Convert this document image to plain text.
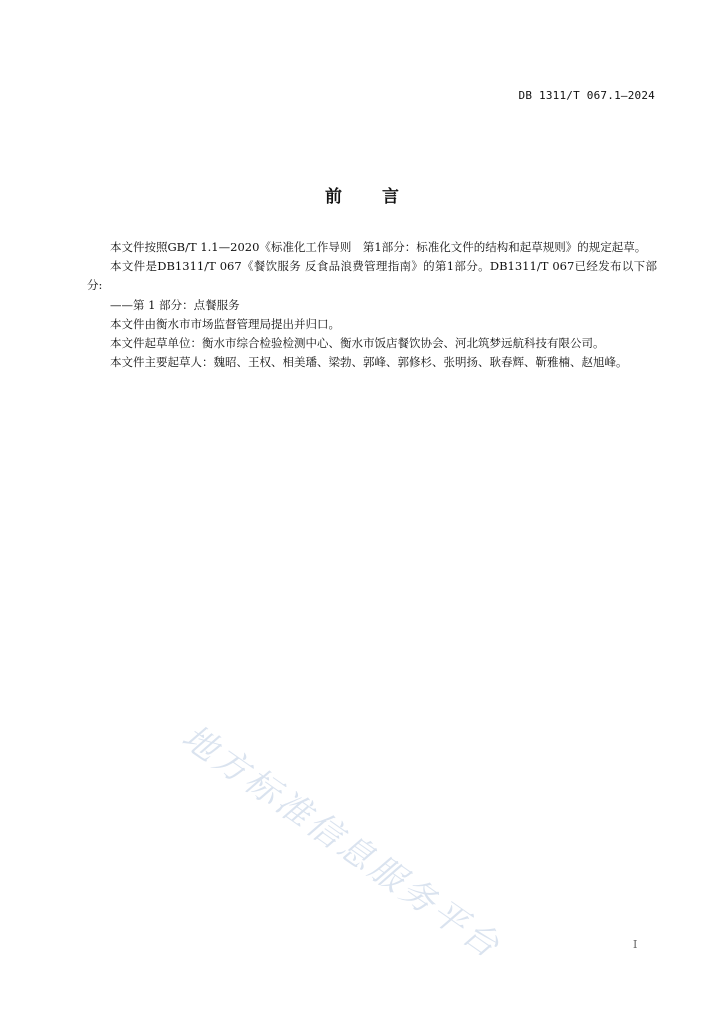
DB 1311/T 067.1—2024
前 言

本文件按照GB/T 1.1—2020《标准化工作导则　第1部分：标准化文件的结构和起草规则》的规定起草。

本文件是DB1311/T 067《餐饮服务 反食品浪费管理指南》的第1部分。DB1311/T 067已经发布以下部分:

——第 1 部分：点餐服务

本文件由衡水市市场监督管理局提出并归口。

本文件起草单位：衡水市综合检验检测中心、衡水市饭店餐饮协会、河北筑梦远航科技有限公司。

本文件主要起草人：魏昭、王权、相美璠、梁勃、郭峰、郭修杉、张明扬、耿春辉、靳雅楠、赵旭峰。

地方标准信息服务平台	I
